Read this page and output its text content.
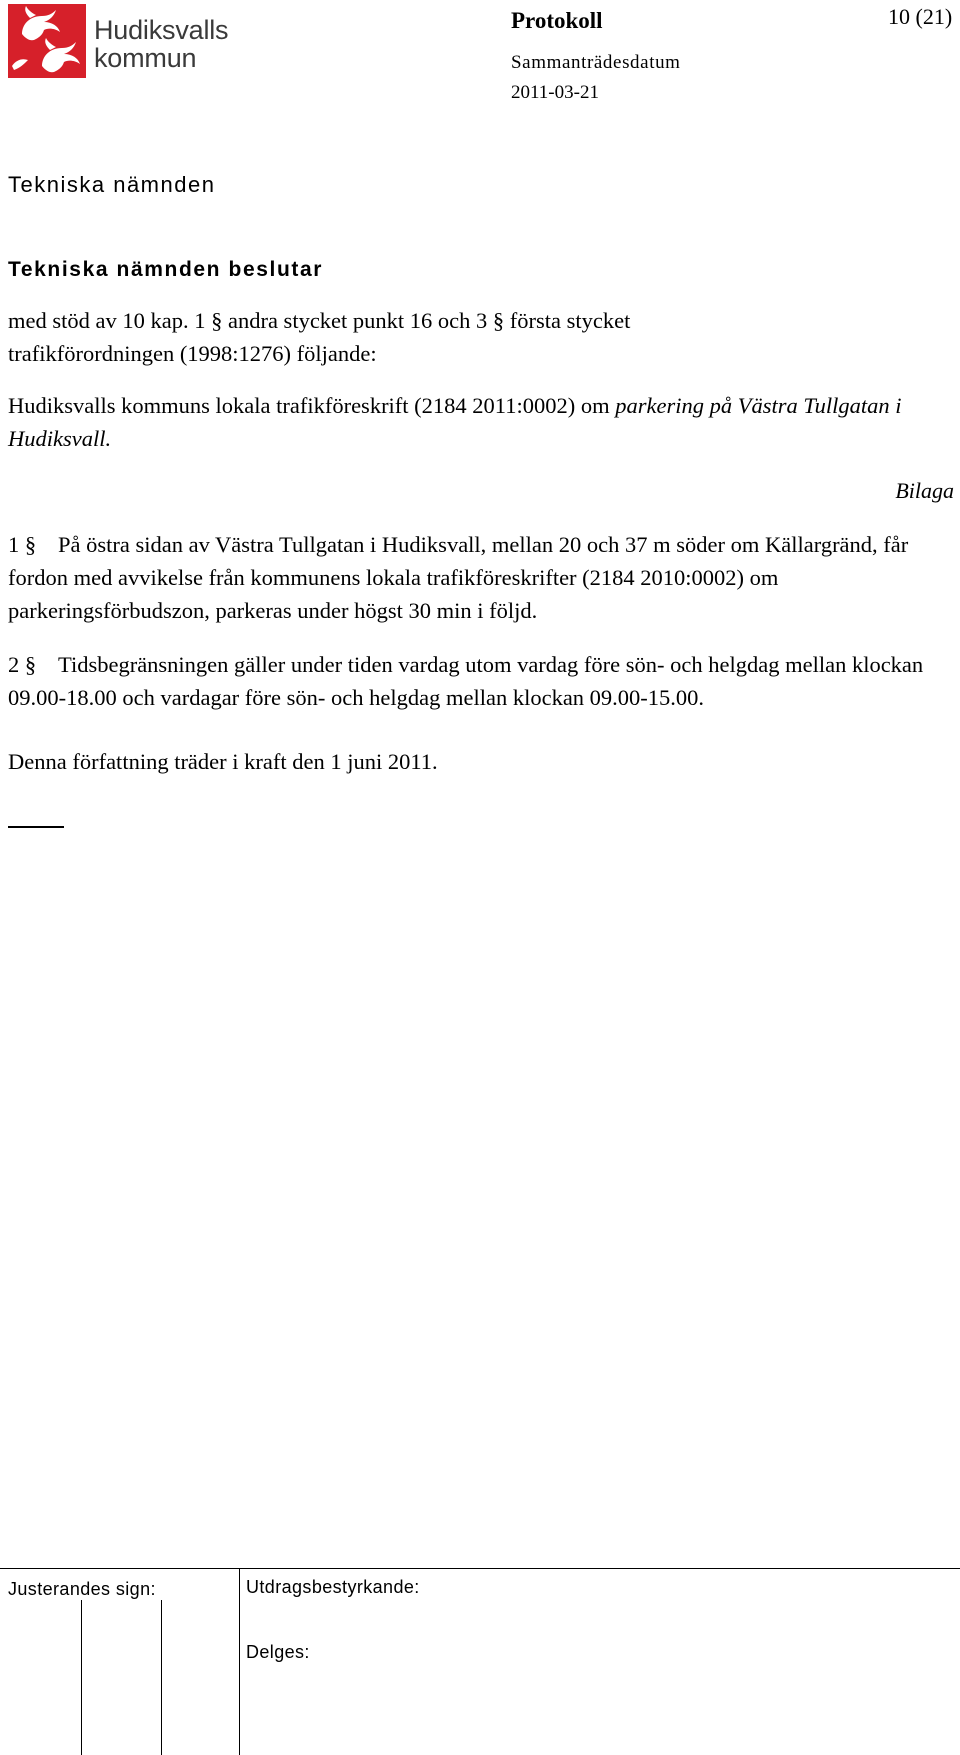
Hudiksvalls
kommun
Protokoll	10 (21)
Sammanträdesdatum
2011-03-21
Tekniska nämnden
Tekniska nämnden beslutar
med stöd av 10 kap. 1 § andra stycket punkt 16 och 3 § första stycket
trafikförordningen (1998:1276) följande:
Hudiksvalls kommuns lokala trafikföreskrift (2184 2011:0002) om parkering på Västra Tullgatan i Hudiksvall.
Bilaga
1 § På östra sidan av Västra Tullgatan i Hudiksvall, mellan 20 och 37 m söder om Källargränd, får fordon med avvikelse från kommunens lokala trafikföreskrifter (2184 2010:0002) om parkeringsförbudszon, parkeras under högst 30 min i följd.
2 § Tidsbegränsningen gäller under tiden vardag utom vardag före sön- och helgdag mellan klockan 09.00-18.00 och vardagar före sön- och helgdag mellan klockan 09.00-15.00.
Denna författning träder i kraft den 1 juni 2011.
Justerandes sign:	Utdragsbestyrkande:
Delges:
